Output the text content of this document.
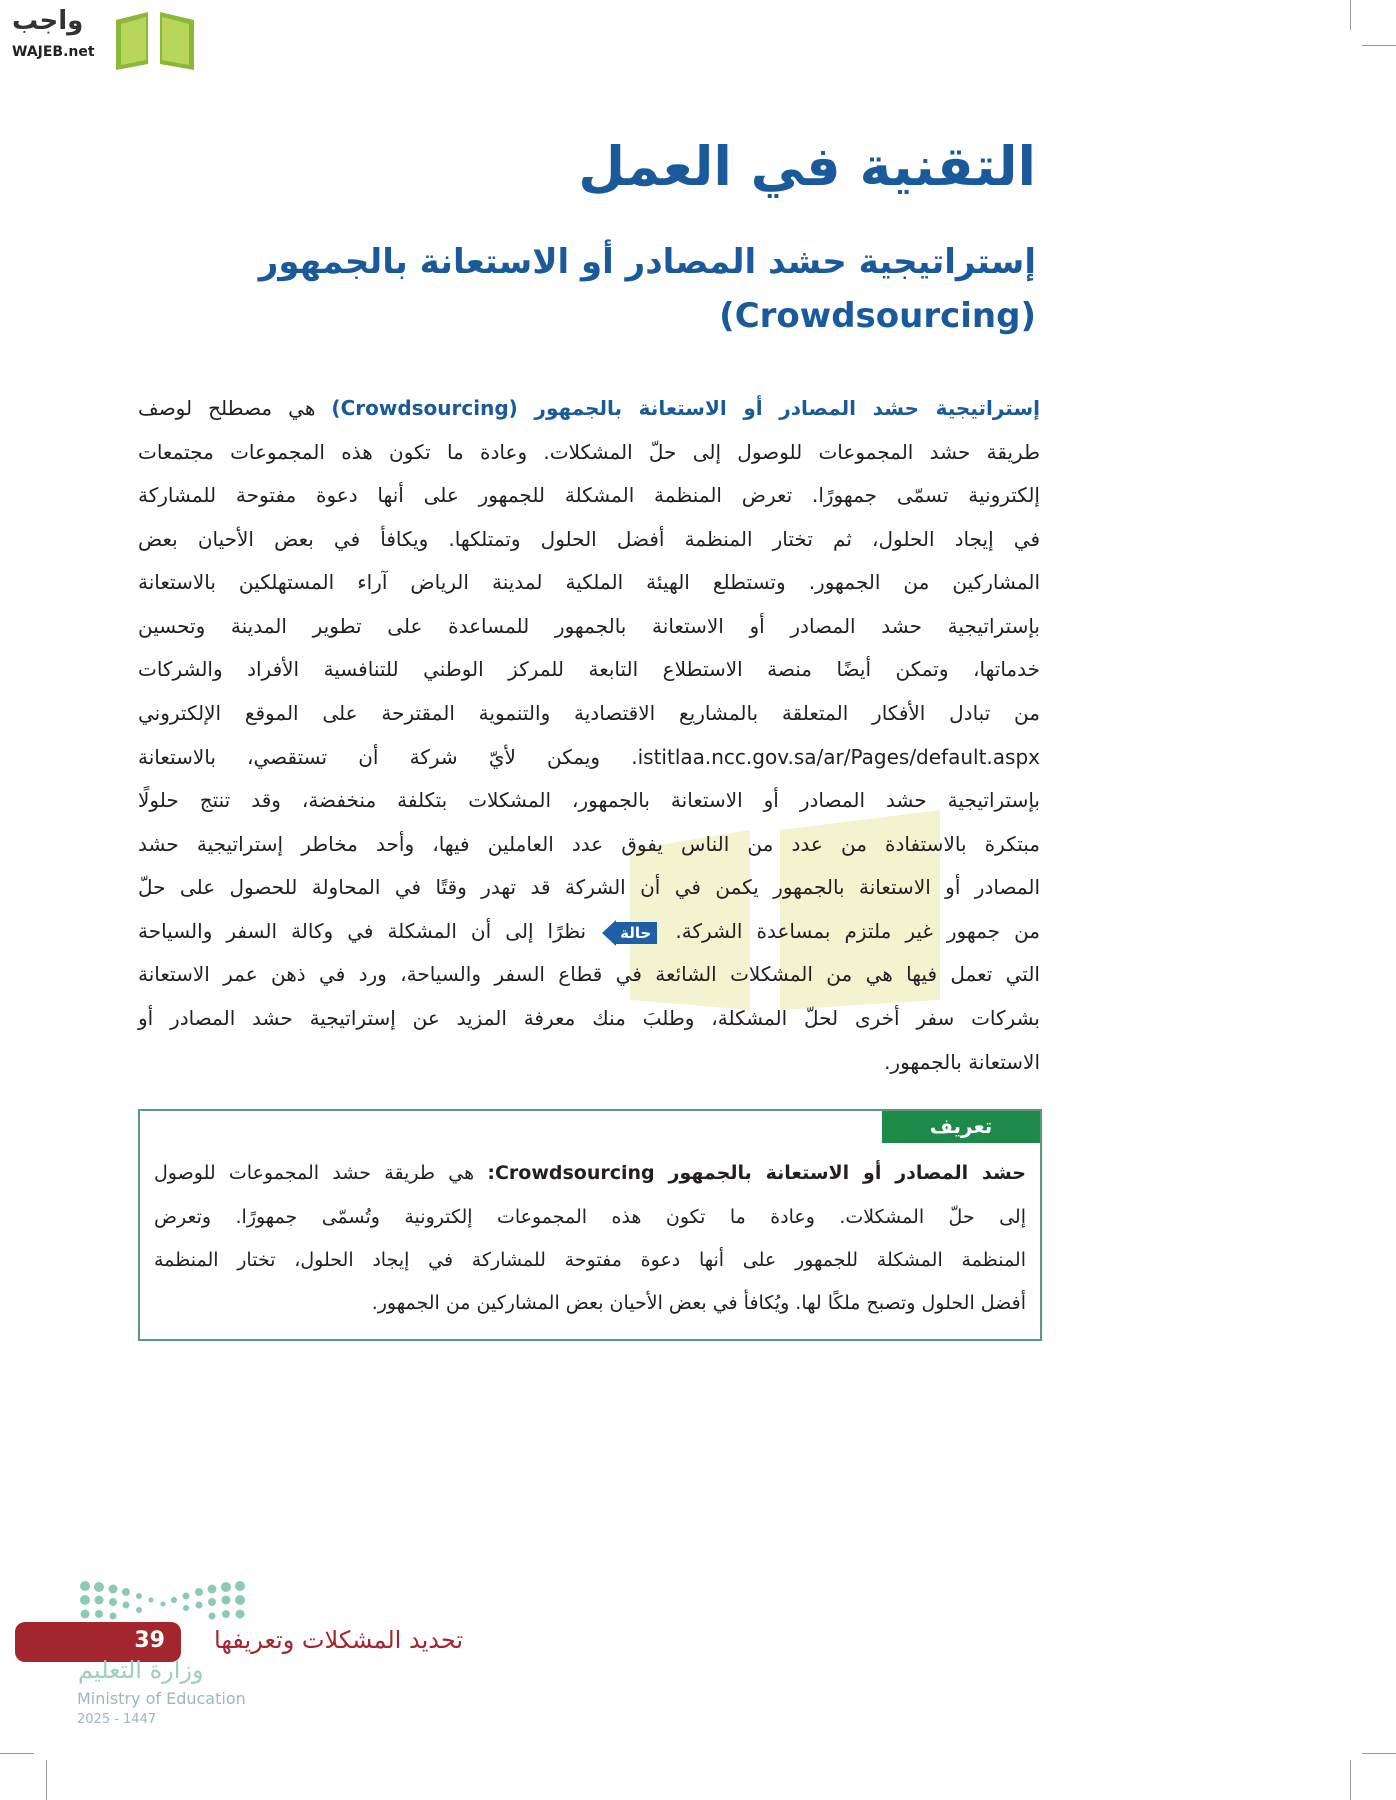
واجب
WAJEB.net
التقنية في العمل
إستراتيجية حشد المصادر أو الاستعانة بالجمهور
(Crowdsourcing)
إستراتيجية حشد المصادر أو الاستعانة بالجمهور (Crowdsourcing) هي مصطلح لوصف
طريقة حشد المجموعات للوصول إلى حلّ المشكلات. وعادة ما تكون هذه المجموعات مجتمعات
إلكترونية تسمّى جمهورًا. تعرض المنظمة المشكلة للجمهور على أنها دعوة مفتوحة للمشاركة
في إيجاد الحلول، ثم تختار المنظمة أفضل الحلول وتمتلكها. ويكافأ في بعض الأحيان بعض
المشاركين من الجمهور. وتستطلع الهيئة الملكية لمدينة الرياض آراء المستهلكين بالاستعانة
بإستراتيجية حشد المصادر أو الاستعانة بالجمهور للمساعدة على تطوير المدينة وتحسين
خدماتها، وتمكن أيضًا منصة الاستطلاع التابعة للمركز الوطني للتنافسية الأفراد والشركات
من تبادل الأفكار المتعلقة بالمشاريع الاقتصادية والتنموية المقترحة على الموقع الإلكتروني
istitlaa.ncc.gov.sa/ar/Pages/default.aspx. ويمكن لأيّ شركة أن تستقصي، بالاستعانة
بإستراتيجية حشد المصادر أو الاستعانة بالجمهور، المشكلات بتكلفة منخفضة، وقد تنتج حلولًا
مبتكرة بالاستفادة من عدد من الناس يفوق عدد العاملين فيها، وأحد مخاطر إستراتيجية حشد
المصادر أو الاستعانة بالجمهور يكمن في أن الشركة قد تهدر وقتًا في المحاولة للحصول على حلّ
من جمهور غير ملتزم بمساعدة الشركة. حالة نظرًا إلى أن المشكلة في وكالة السفر والسياحة
التي تعمل فيها هي من المشكلات الشائعة في قطاع السفر والسياحة، ورد في ذهن عمر الاستعانة
بشركات سفر أخرى لحلّ المشكلة، وطلبَ منك معرفة المزيد عن إستراتيجية حشد المصادر أو
الاستعانة بالجمهور.
تعريف
حشد المصادر أو الاستعانة بالجمهور Crowdsourcing: هي طريقة حشد المجموعات للوصول
إلى حلّ المشكلات. وعادة ما تكون هذه المجموعات إلكترونية وتُسمّى جمهورًا. وتعرض
المنظمة المشكلة للجمهور على أنها دعوة مفتوحة للمشاركة في إيجاد الحلول، تختار المنظمة
أفضل الحلول وتصبح ملكًا لها. ويُكافأ في بعض الأحيان بعض المشاركين من الجمهور.
39 تحديد المشكلات وتعريفها
وزارة التعليم
Ministry of Education
2025 - 1447
